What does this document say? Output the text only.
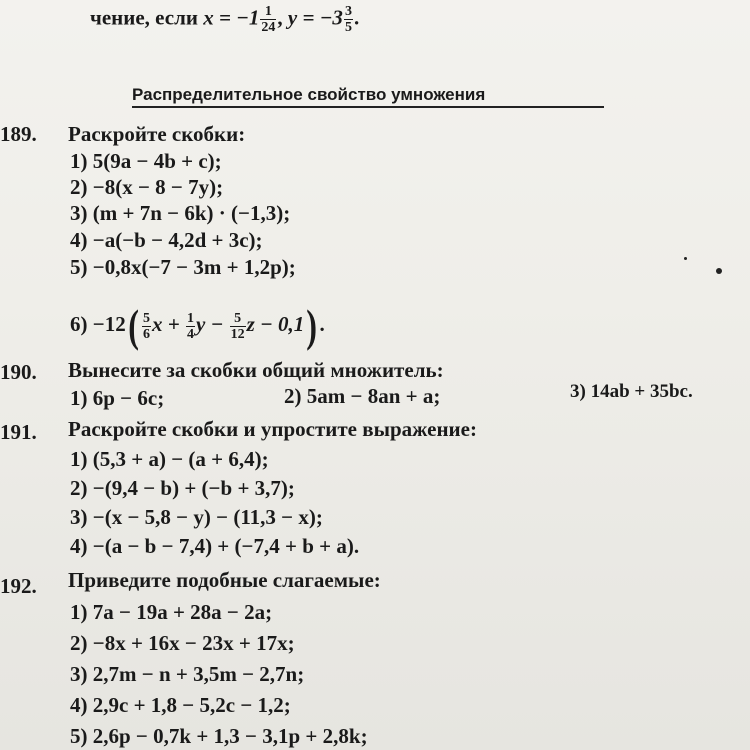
чение, если $x = -1 \frac{1}{24}$ , $y = -3 \frac{3}{5}$ .
Распределительное свойство умножения
189. Раскройте скобки:
1) 5(9a − 4b + c);
2) −8(x − 8 − 7y);
3) (m + 7n − 6k) · (−1,3);
4) −a(−b − 4,2d + 3c);
5) −0,8x(−7 − 3m + 1,2p);
$6) -12( \frac{5}{6}$ $x + \frac{1}{4}$ $y - \frac{5}{12}$ z − 0,1) .
190. Вынесите за скобки общий множитель:
1) 6p − 6c;	2) 5am − 8an + a;	3) 14ab + 35bc.
191. Раскройте скобки и упростите выражение:
1) (5,3 + a) − (a + 6,4);
2) −(9,4 − b) + (−b + 3,7);
3) −(x − 5,8 − y) − (11,3 − x);
4) −(a − b − 7,4) + (−7,4 + b + a).
192. Приведите подобные слагаемые:
1) 7a − 19a + 28a − 2a;
2) −8x + 16x − 23x + 17x;
3) 2,7m − n + 3,5m − 2,7n;
4) 2,9c + 1,8 − 5,2c − 1,2;
5) 2,6p − 0,7k + 1,3 − 3,1p + 2,8k;
